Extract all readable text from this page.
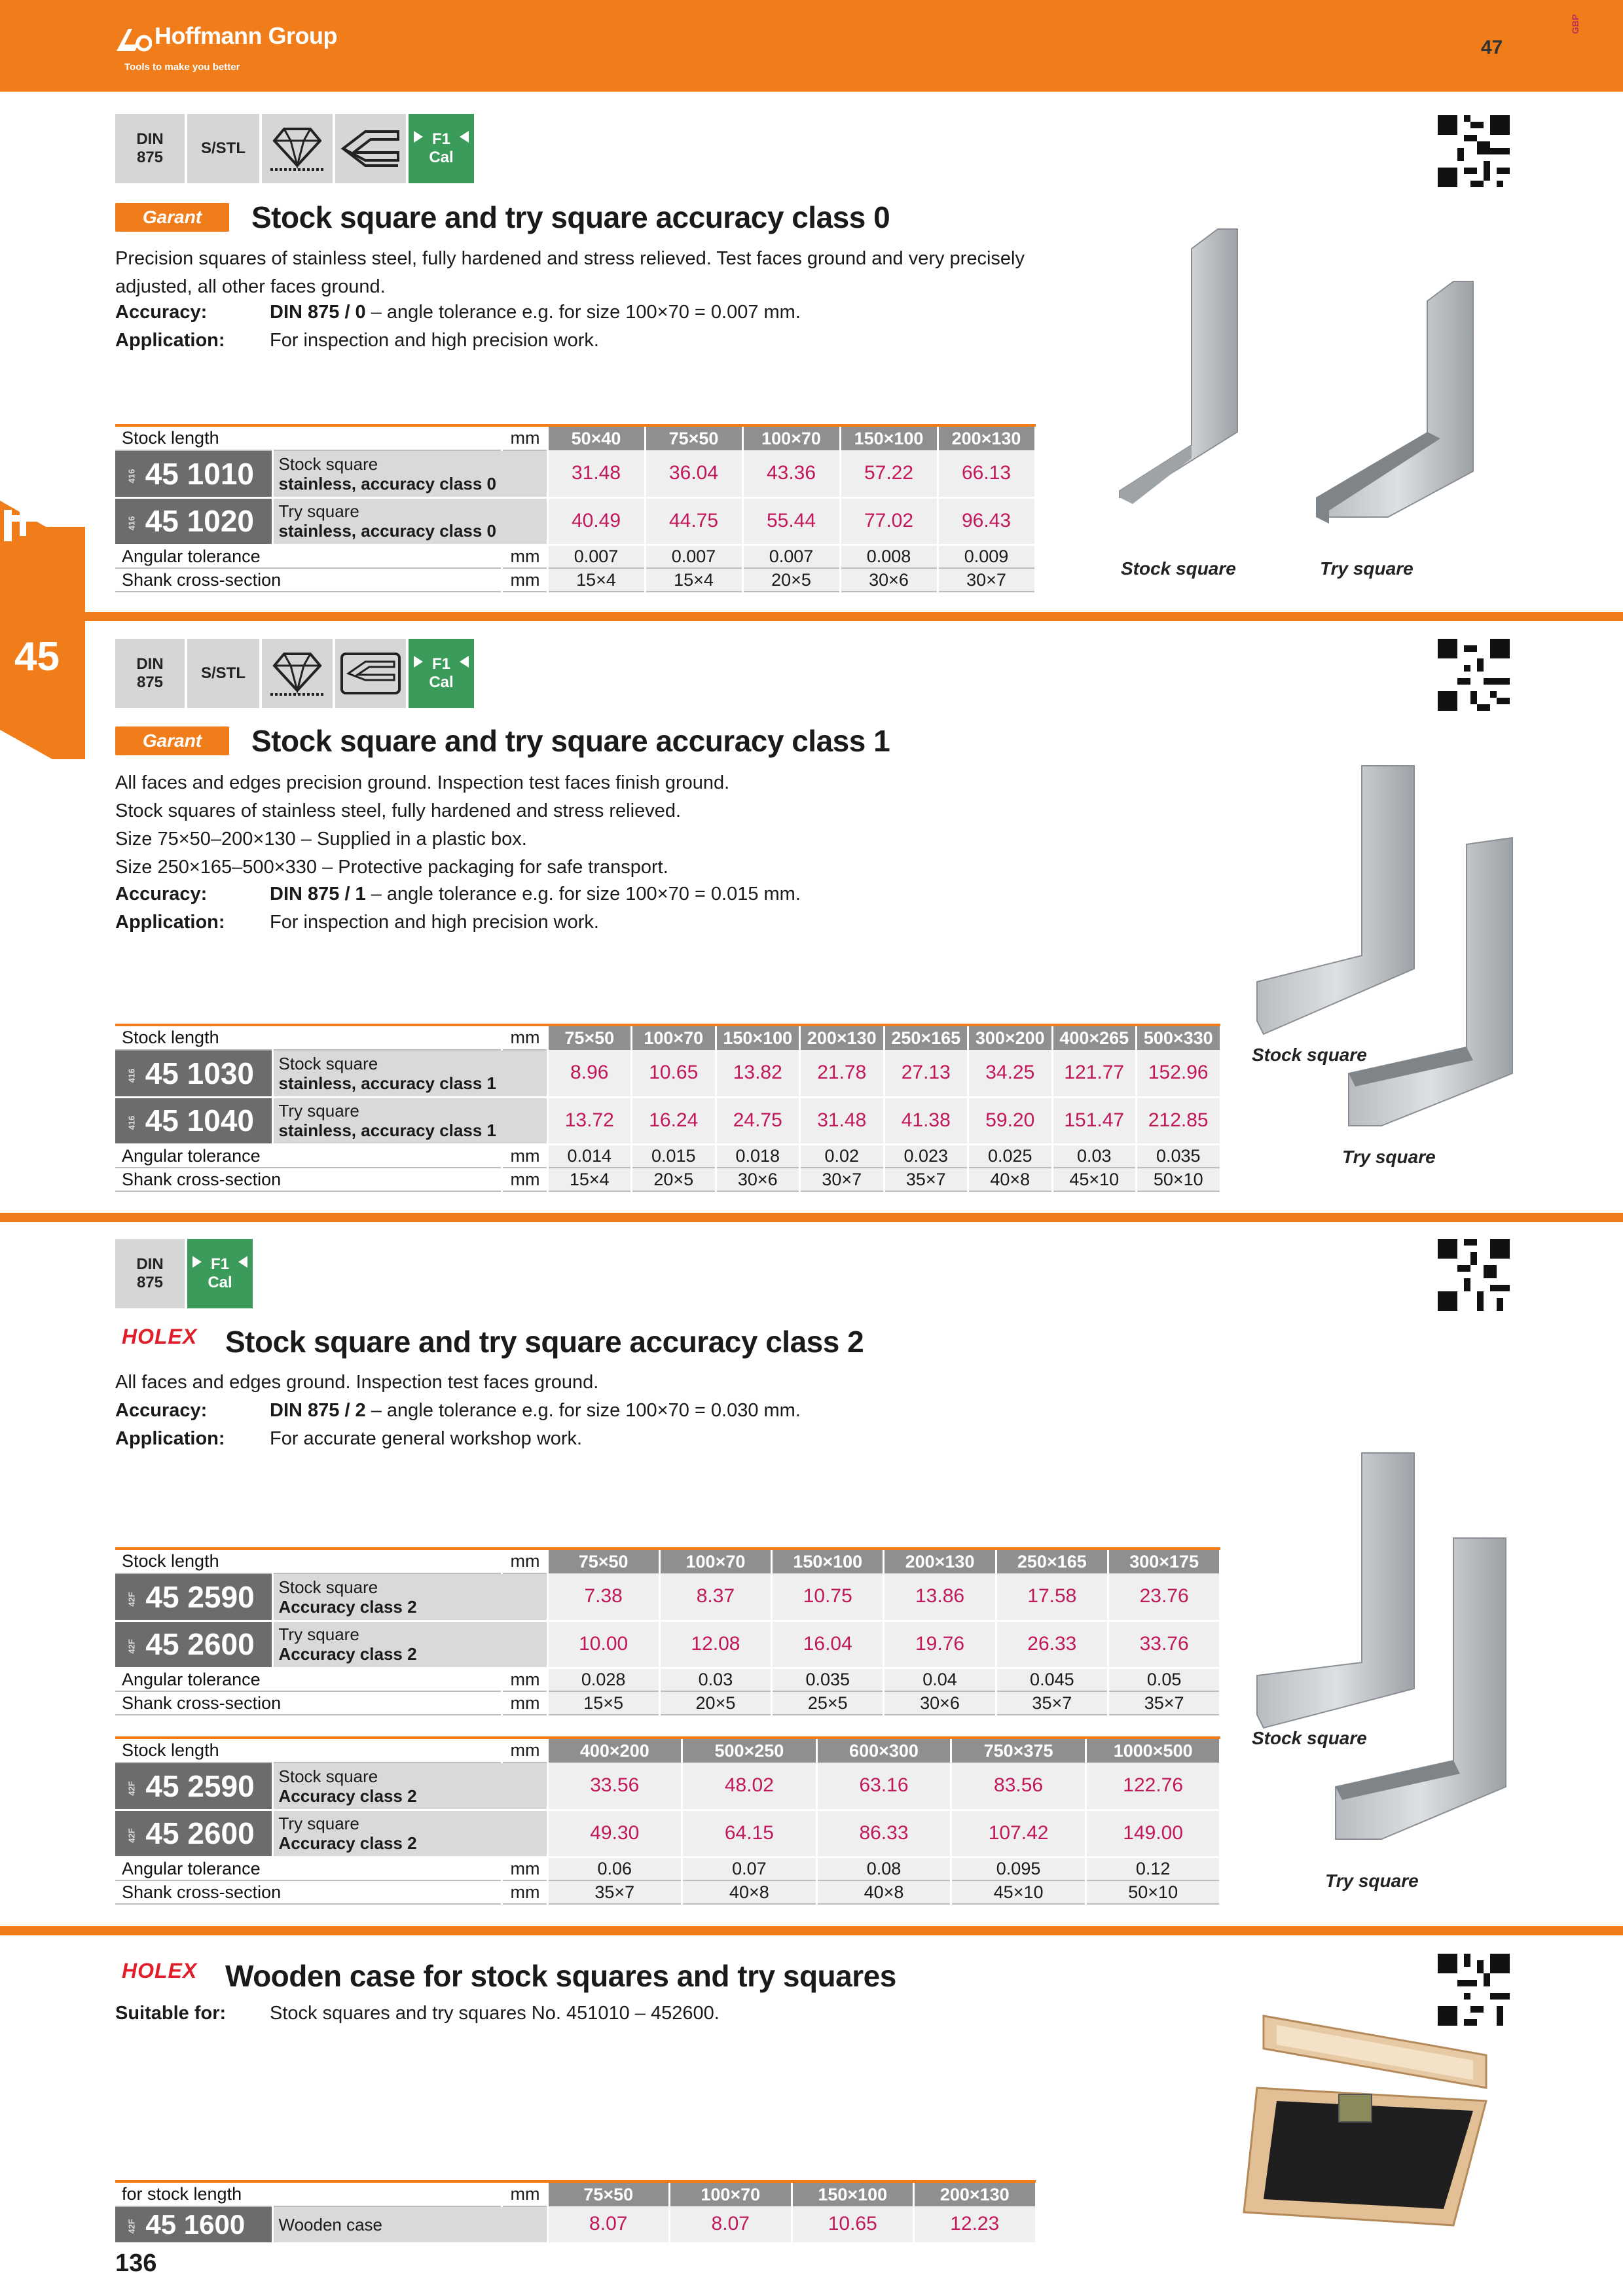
Hoffmann Group
Tools to make you better
47
GBP
45
DIN
875
S/STL
F1
Cal
Garant	Stock square and try square accuracy class 0
Precision squares of stainless steel, fully hardened and stress relieved. Test faces ground and very precisely
adjusted, all other faces ground.
Accuracy:	DIN 875 / 0 – angle tolerance e.g. for size 100×70 = 0.007 mm.
Application: For inspection and high precision work.
Stock length		mm	50×40	75×50	100×70	150×100	200×130
416 45 1010	Stock square
stainless, accuracy class 0		31.48	36.04	43.36	57.22	66.13
416 45 1020	Try square
stainless, accuracy class 0		40.49	44.75	55.44	77.02	96.43
Angular tolerance		mm	0.007	0.007	0.007	0.008	0.009
Shank cross-section		mm	15×4	15×4	20×5	30×6	30×7
Stock square	Try square
DIN
875
S/STL
F1
Cal
Garant	Stock square and try square accuracy class 1
All faces and edges precision ground. Inspection test faces finish ground.
Stock squares of stainless steel, fully hardened and stress relieved.
Size 75×50–200×130 – Supplied in a plastic box.
Size 250×165–500×330 – Protective packaging for safe transport.
Accuracy:	DIN 875 / 1 – angle tolerance e.g. for size 100×70 = 0.015 mm.
Application: For inspection and high precision work.
Stock length		mm	75×50	100×70	150×100	200×130	250×165	300×200	400×265	500×330
416 45 1030	Stock square
stainless, accuracy class 1		8.96	10.65	13.82	21.78	27.13	34.25	121.77	152.96
416 45 1040	Try square
stainless, accuracy class 1		13.72	16.24	24.75	31.48	41.38	59.20	151.47	212.85
Angular tolerance		mm	0.014	0.015	0.018	0.02	0.023	0.025	0.03	0.035
Shank cross-section		mm	15×4	20×5	30×6	30×7	35×7	40×8	45×10	50×10
Stock square
Try square
DIN
875
F1
Cal
HOLEX Stock square and try square accuracy class 2
All faces and edges ground. Inspection test faces ground.
Accuracy:	DIN 875 / 2 – angle tolerance e.g. for size 100×70 = 0.030 mm.
Application: For accurate general workshop work.
Stock length		mm	75×50	100×70	150×100	200×130	250×165	300×175
42F 45 2590	Stock square
Accuracy class 2		7.38	8.37	10.75	13.86	17.58	23.76
42F 45 2600	Try square
Accuracy class 2		10.00	12.08	16.04	19.76	26.33	33.76
Angular tolerance		mm	0.028	0.03	0.035	0.04	0.045	0.05
Shank cross-section		mm	15×5	20×5	25×5	30×6	35×7	35×7
Stock length		mm	400×200	500×250	600×300	750×375	1000×500
42F 45 2590	Stock square
Accuracy class 2		33.56	48.02	63.16	83.56	122.76
42F 45 2600	Try square
Accuracy class 2		49.30	64.15	86.33	107.42	149.00
Angular tolerance		mm	0.06	0.07	0.08	0.095	0.12
Shank cross-section		mm	35×7	40×8	40×8	45×10	50×10
Stock square
Try square
HOLEX Wooden case for stock squares and try squares
Suitable for: Stock squares and try squares No. 451010 – 452600.
for stock length		mm	75×50	100×70	150×100	200×130
42F 45 1600	Wooden case		8.07	8.07	10.65	12.23
136
